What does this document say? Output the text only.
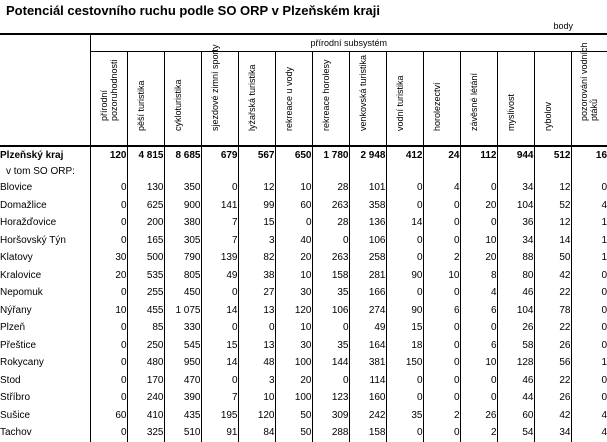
Potenciál cestovního ruchu podle SO ORP v Plzeňském kraji
body
	přírodní subsystém													

	přírodní pozoruhodnosti	pěší turistika	cykloturistika	sjezdové zimní sporty	lyžařská turistika	rekreace u vody	rekreace horolesy	venkovská turistika	vodní turistika	horolezectví	závěsné létání	myslivost	rybolov	pozorování vodních ptáků

Plzeňský kraj	120	4 815	8 685	679	567	650	1 780	2 948	412	24	112	944	512	16
v tom SO ORP:														
Blovice	0	130	350	0	12	10	28	101	0	4	0	34	12	0
Domažlice	0	625	900	141	99	60	263	358	0	0	20	104	52	4
Horažďovice	0	200	380	7	15	0	28	136	14	0	0	36	12	1
Horšovský Týn	0	165	305	7	3	40	0	106	0	0	10	34	14	1
Klatovy	30	500	790	139	82	20	263	258	0	2	20	88	50	1
Kralovice	20	535	805	49	38	10	158	281	90	10	8	80	42	0
Nepomuk	0	255	450	0	27	30	35	166	0	0	4	46	22	0
Nýřany	10	455	1 075	14	13	120	106	274	90	6	6	104	78	0
Plzeň	0	85	330	0	0	10	0	49	15	0	0	26	22	0
Přeštice	0	250	545	15	13	30	35	164	18	0	6	58	26	0
Rokycany	0	480	950	14	48	100	144	381	150	0	10	128	56	1
Stod	0	170	470	0	3	20	0	114	0	0	0	46	22	0
Stříbro	0	240	390	7	10	100	123	160	0	0	0	44	26	0
Sušice	60	410	435	195	120	50	309	242	35	2	26	60	42	4
Tachov	0	325	510	91	84	50	288	158	0	0	2	54	34	4
